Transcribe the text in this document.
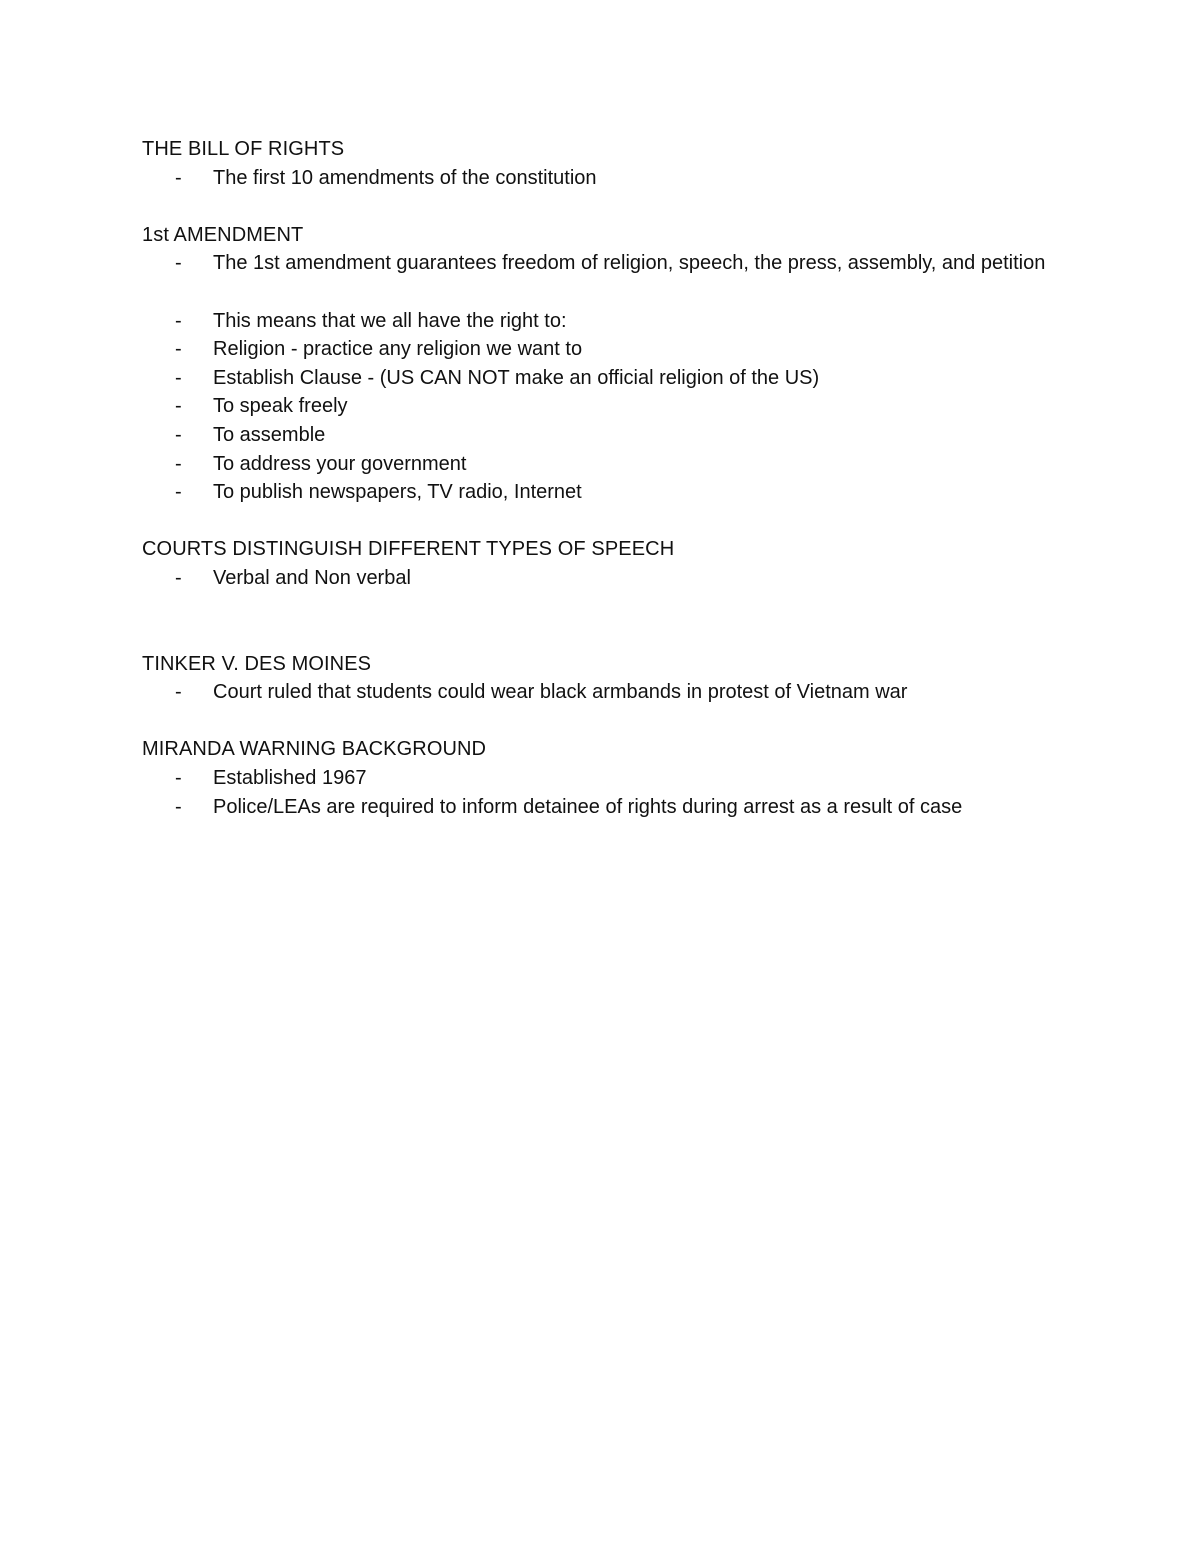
THE BILL OF RIGHTS
-	The first 10 amendments of the constitution
1st AMENDMENT
-	The 1st amendment guarantees freedom of religion, speech, the press, assembly, and petition
-	This means that we all have the right to:
-	Religion - practice any religion we want to
-	Establish Clause - (US CAN NOT make an official religion of the US)
-	To speak freely
-	To assemble
-	To address your government
-	To publish newspapers, TV radio, Internet
COURTS DISTINGUISH DIFFERENT TYPES OF SPEECH
-	Verbal and Non verbal
TINKER V. DES MOINES
-	Court ruled that students could wear black armbands in protest of Vietnam war
MIRANDA WARNING BACKGROUND
-	Established 1967
-	Police/LEAs are required to inform detainee of rights during arrest as a result of case
